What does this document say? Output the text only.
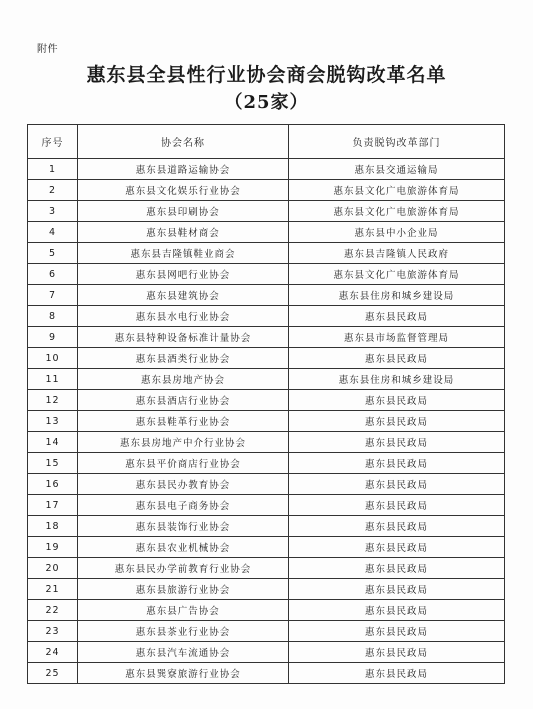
附件
惠东县全县性行业协会商会脱钩改革名单
（25家）
序号	协会名称	负责脱钩改革部门
1	惠东县道路运输协会	惠东县交通运输局
2	惠东县文化娱乐行业协会	惠东县文化广电旅游体育局
3	惠东县印刷协会	惠东县文化广电旅游体育局
4	惠东县鞋材商会	惠东县中小企业局
5	惠东县吉隆镇鞋业商会	惠东县吉隆镇人民政府
6	惠东县网吧行业协会	惠东县文化广电旅游体育局
7	惠东县建筑协会	惠东县住房和城乡建设局
8	惠东县水电行业协会	惠东县民政局
9	惠东县特种设备标准计量协会	惠东县市场监督管理局
10	惠东县酒类行业协会	惠东县民政局
11	惠东县房地产协会	惠东县住房和城乡建设局
12	惠东县酒店行业协会	惠东县民政局
13	惠东县鞋革行业协会	惠东县民政局
14	惠东县房地产中介行业协会	惠东县民政局
15	惠东县平价商店行业协会	惠东县民政局
16	惠东县民办教育协会	惠东县民政局
17	惠东县电子商务协会	惠东县民政局
18	惠东县装饰行业协会	惠东县民政局
19	惠东县农业机械协会	惠东县民政局
20	惠东县民办学前教育行业协会	惠东县民政局
21	惠东县旅游行业协会	惠东县民政局
22	惠东县广告协会	惠东县民政局
23	惠东县茶业行业协会	惠东县民政局
24	惠东县汽车流通协会	惠东县民政局
25	惠东县巽寮旅游行业协会	惠东县民政局
